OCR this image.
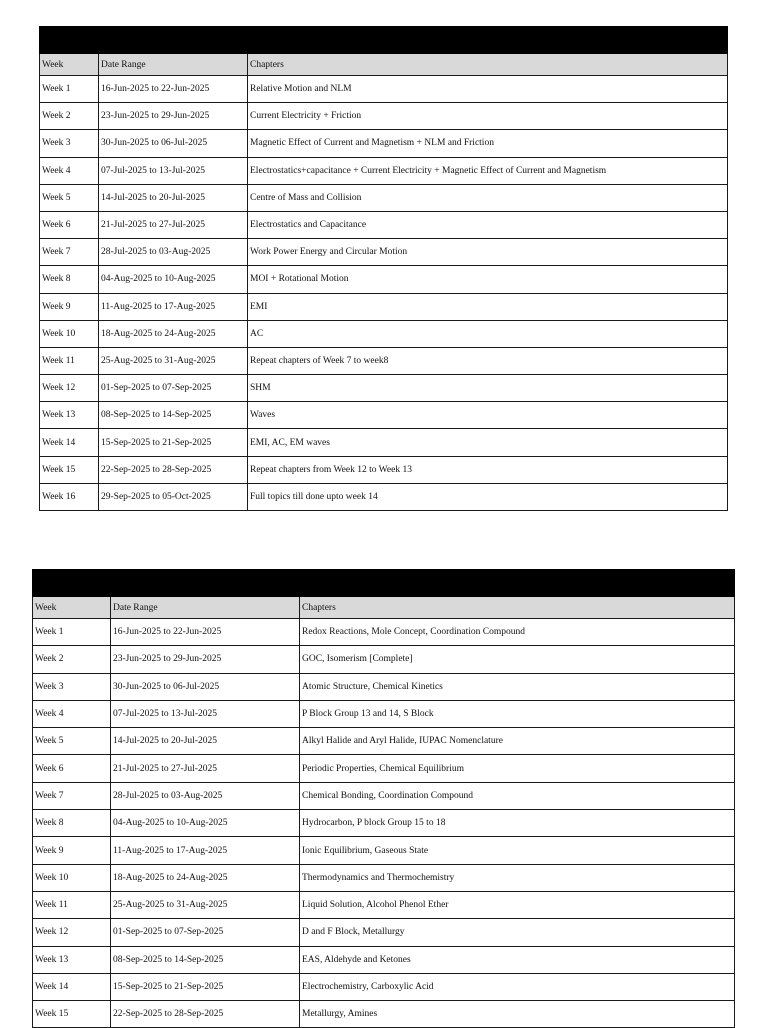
Week	Date Range	Chapters
Week 1	16-Jun-2025 to 22-Jun-2025	Relative Motion and NLM
Week 2	23-Jun-2025 to 29-Jun-2025	Current Electricity + Friction
Week 3	30-Jun-2025 to 06-Jul-2025	Magnetic Effect of Current and Magnetism + NLM and Friction
Week 4	07-Jul-2025 to 13-Jul-2025	Electrostatics+capacitance + Current Electricity + Magnetic Effect of Current and Magnetism
Week 5	14-Jul-2025 to 20-Jul-2025	Centre of Mass and Collision
Week 6	21-Jul-2025 to 27-Jul-2025	Electrostatics and Capacitance
Week 7	28-Jul-2025 to 03-Aug-2025	Work Power Energy and Circular Motion
Week 8	04-Aug-2025 to 10-Aug-2025	MOI + Rotational Motion
Week 9	11-Aug-2025 to 17-Aug-2025	EMI
Week 10	18-Aug-2025 to 24-Aug-2025	AC
Week 11	25-Aug-2025 to 31-Aug-2025	Repeat chapters of Week 7 to week8
Week 12	01-Sep-2025 to 07-Sep-2025	SHM
Week 13	08-Sep-2025 to 14-Sep-2025	Waves
Week 14	15-Sep-2025 to 21-Sep-2025	EMI, AC, EM waves
Week 15	22-Sep-2025 to 28-Sep-2025	Repeat chapters from Week 12 to Week 13
Week 16	29-Sep-2025 to 05-Oct-2025	Full topics till done upto week 14

Week	Date Range	Chapters
Week 1	16-Jun-2025 to 22-Jun-2025	Redox Reactions, Mole Concept, Coordination Compound
Week 2	23-Jun-2025 to 29-Jun-2025	GOC, Isomerism [Complete]
Week 3	30-Jun-2025 to 06-Jul-2025	Atomic Structure, Chemical Kinetics
Week 4	07-Jul-2025 to 13-Jul-2025	P Block Group 13 and 14, S Block
Week 5	14-Jul-2025 to 20-Jul-2025	Alkyl Halide and Aryl Halide, IUPAC Nomenclature
Week 6	21-Jul-2025 to 27-Jul-2025	Periodic Properties, Chemical Equilibrium
Week 7	28-Jul-2025 to 03-Aug-2025	Chemical Bonding, Coordination Compound
Week 8	04-Aug-2025 to 10-Aug-2025	Hydrocarbon, P block Group 15 to 18
Week 9	11-Aug-2025 to 17-Aug-2025	Ionic Equilibrium, Gaseous State
Week 10	18-Aug-2025 to 24-Aug-2025	Thermodynamics and Thermochemistry
Week 11	25-Aug-2025 to 31-Aug-2025	Liquid Solution, Alcohol Phenol Ether
Week 12	01-Sep-2025 to 07-Sep-2025	D and F Block, Metallurgy
Week 13	08-Sep-2025 to 14-Sep-2025	EAS, Aldehyde and Ketones
Week 14	15-Sep-2025 to 21-Sep-2025	Electrochemistry, Carboxylic Acid
Week 15	22-Sep-2025 to 28-Sep-2025	Metallurgy, Amines
